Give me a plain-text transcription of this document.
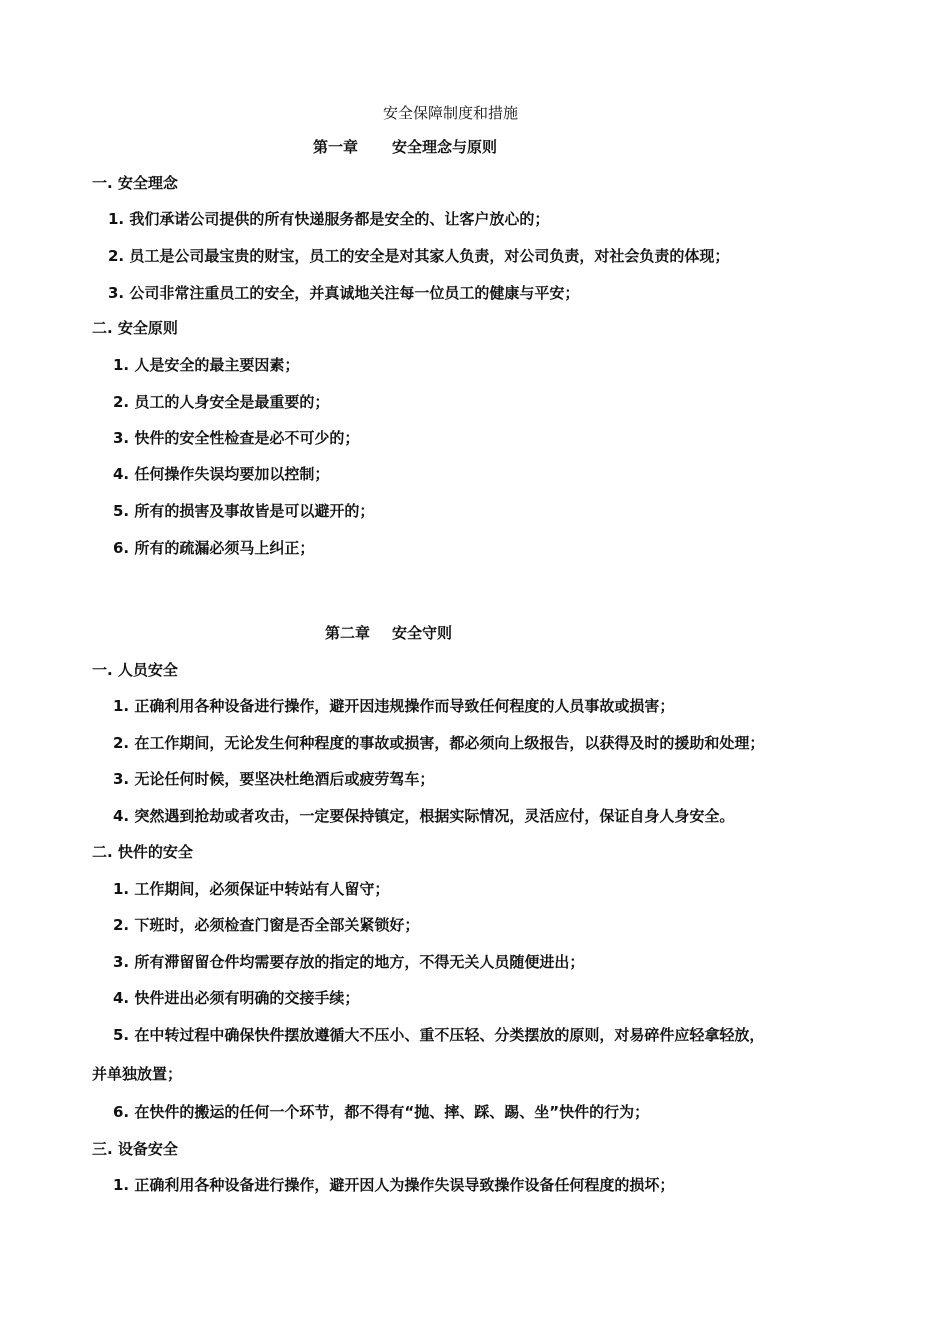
安全保障制度和措施
第一章 安全理念与原则
一. 安全理念
1. 我们承诺公司提供的所有快递服务都是安全的、让客户放心的；
2. 员工是公司最宝贵的财宝，员工的安全是对其家人负责，对公司负责，对社会负责的体现；
3. 公司非常注重员工的安全，并真诚地关注每一位员工的健康与平安；
二. 安全原则
1. 人是安全的最主要因素；
2. 员工的人身安全是最重要的；
3. 快件的安全性检查是必不可少的；
4. 任何操作失误均要加以控制；
5. 所有的损害及事故皆是可以避开的；
6. 所有的疏漏必须马上纠正；
第二章 安全守则
一. 人员安全
1. 正确利用各种设备进行操作，避开因违规操作而导致任何程度的人员事故或损害；
2. 在工作期间，无论发生何种程度的事故或损害，都必须向上级报告，以获得及时的援助和处理；
3. 无论任何时候，要坚决杜绝酒后或疲劳驾车；
4. 突然遇到抢劫或者攻击，一定要保持镇定，根据实际情况，灵活应付，保证自身人身安全。
二. 快件的安全
1. 工作期间，必须保证中转站有人留守；
2. 下班时，必须检查门窗是否全部关紧锁好；
3. 所有滞留留仓件均需要存放的指定的地方，不得无关人员随便进出；
4. 快件进出必须有明确的交接手续；
5. 在中转过程中确保快件摆放遵循大不压小、重不压轻、分类摆放的原则，对易碎件应轻拿轻放，
并单独放置；
6. 在快件的搬运的任何一个环节，都不得有“抛、摔、踩、踢、坐”快件的行为；
三. 设备安全
1. 正确利用各种设备进行操作，避开因人为操作失误导致操作设备任何程度的损坏；
